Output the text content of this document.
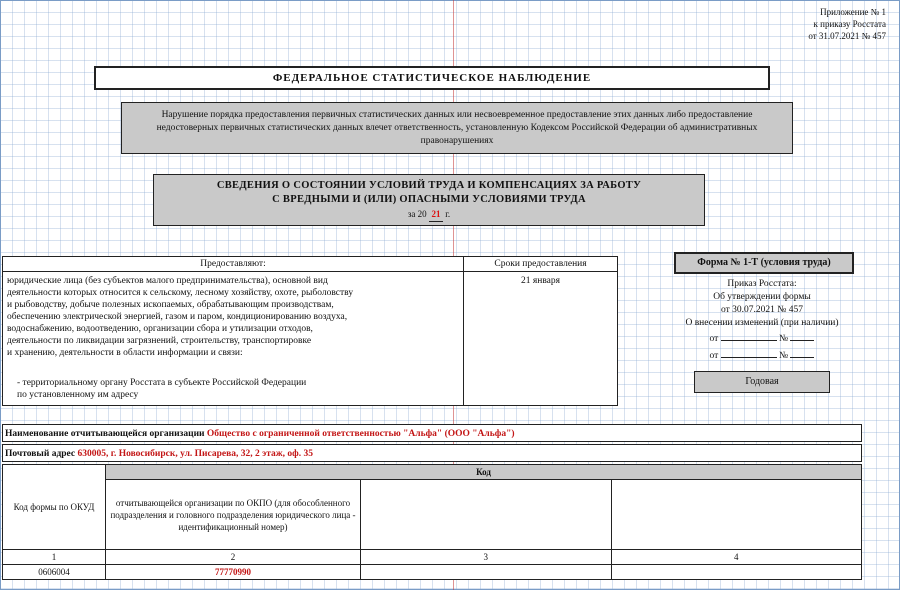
Приложение № 1
к приказу Росстата
от 31.07.2021 № 457
ФЕДЕРАЛЬНОЕ СТАТИСТИЧЕСКОЕ НАБЛЮДЕНИЕ
Нарушение порядка предоставления первичных статистических данных или несвоевременное предоставление этих данных либо предоставление недостоверных первичных статистических данных влечет ответственность, установленную Кодексом Российской Федерации об административных правонарушениях
СВЕДЕНИЯ О СОСТОЯНИИ УСЛОВИЙ ТРУДА И КОМПЕНСАЦИЯХ ЗА РАБОТУ
С ВРЕДНЫМИ И (ИЛИ) ОПАСНЫМИ УСЛОВИЯМИ ТРУДА
за 20 21 г.
Предоставляют:	Сроки предоставления
юридические лица (без субъектов малого предпринимательства), основной вид
деятельности которых относится к сельскому, лесному хозяйству, охоте, рыболовству
и рыбоводству, добыче полезных ископаемых, обрабатывающим производствам,
обеспечению электрической энергией, газом и паром, кондиционированию воздуха,
водоснабжению, водоотведению, организации сбора и утилизации отходов,
деятельности по ликвидации загрязнений, строительству, транспортировке
и хранению, деятельности в области информации и связи:
21 января
- территориальному органу Росстата в субъекте Российской Федерации
по установленному им адресу
Форма № 1-Т (условия труда)
Приказ Росстата:
Об утверждении формы
от 30.07.2021 № 457
О внесении изменений (при наличии)
от	№
от	№
Годовая
Наименование отчитывающейся организации Общество с ограниченной ответственностью "Альфа" (ООО "Альфа")
Почтовый адрес 630005, г. Новосибирск, ул. Писарева, 32, 2 этаж, оф. 35
Код формы по ОКУД	Код		
	отчитывающейся организации по ОКПО (для обособленного подразделения и головного подразделения юридического лица - идентификационный номер)		
1	2	3	4
0606004	77770990		
